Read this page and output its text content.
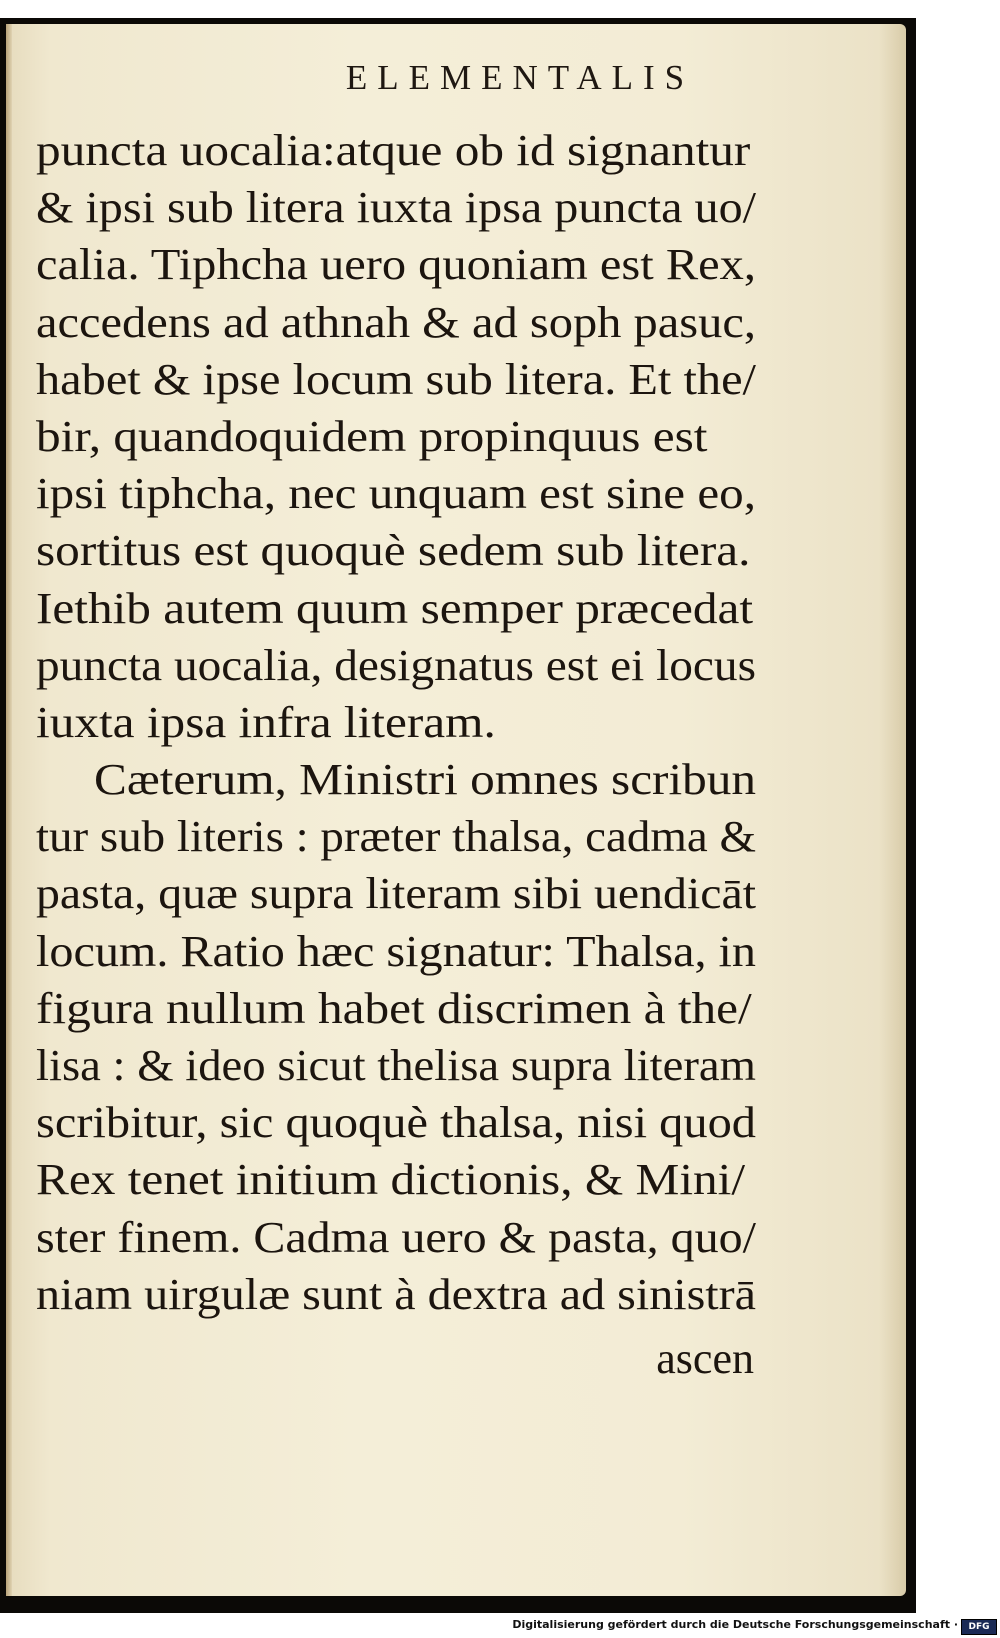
ELEMENTALIS
puncta uocalia:atque ob id signantur
& ipsi sub litera iuxta ipsa puncta uo/
calia. Tiphcha uero quoniam est Rex,
accedens ad athnah & ad soph pasuc,
habet & ipse locum sub litera. Et the/
bir, quandoquidem propinquus est
ipsi tiphcha, nec unquam est sine eo,
sortitus est quoquè sedem sub litera.
Iethib autem quum semper præcedat
puncta uocalia, designatus est ei locus
iuxta ipsa infra literam.
Cæterum, Ministri omnes scribun
tur sub literis : præter thalsa, cadma &
pasta, quæ supra literam sibi uendicāt
locum. Ratio hæc signatur: Thalsa, in
figura nullum habet discrimen à the/
lisa : & ideo sicut thelisa supra literam
scribitur, sic quoquè thalsa, nisi quod
Rex tenet initium dictionis, & Mini/
ster finem. Cadma uero & pasta, quo/
niam uirgulæ sunt à dextra ad sinistrā
ascen
Digitalisierung gefördert durch die Deutsche Forschungsgemeinschaft ·	DFG
